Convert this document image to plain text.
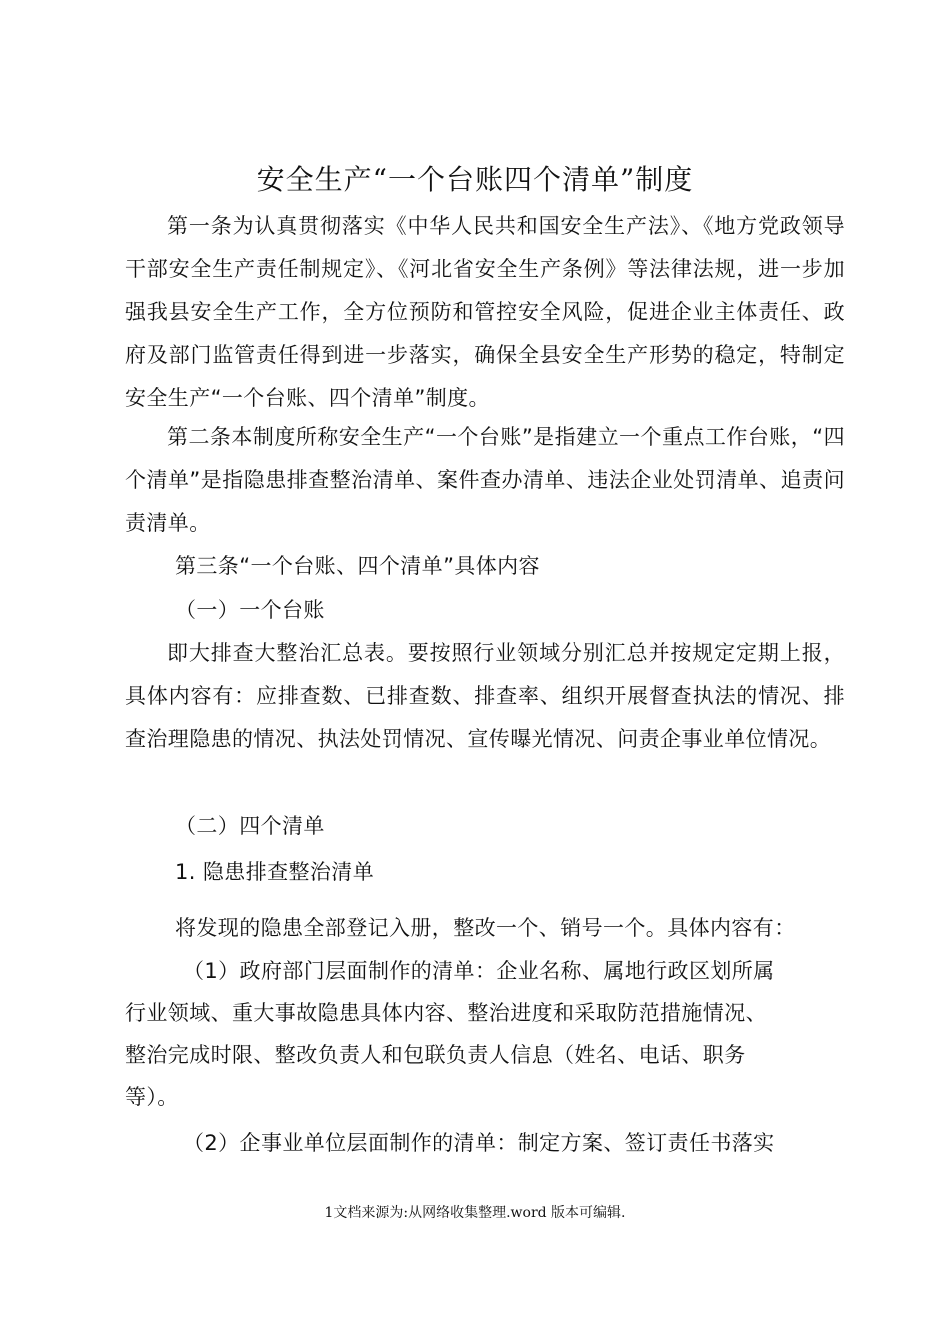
安全生产“一个台账四个清单”制度

第一条为认真贯彻落实《中华人民共和国安全生产法》、《地方党政领导干部安全生产责任制规定》、《河北省安全生产条例》等法律法规，进一步加强我县安全生产工作，全方位预防和管控安全风险，促进企业主体责任、政府及部门监管责任得到进一步落实，确保全县安全生产形势的稳定，特制定安全生产“一个台账、四个清单”制度。

第二条本制度所称安全生产“一个台账”是指建立一个重点工作台账，“四个清单”是指隐患排查整治清单、案件查办清单、违法企业处罚清单、追责问责清单。

第三条“一个台账、四个清单”具体内容
（一）一个台账

即大排查大整治汇总表。要按照行业领域分别汇总并按规定定期上报，具体内容有：应排查数、已排查数、排查率、组织开展督查执法的情况、排查治理隐患的情况、执法处罚情况、宣传曝光情况、问责企事业单位情况。

（二）四个清单
1. 隐患排查整治清单
将发现的隐患全部登记入册，整改一个、销号一个。具体内容有：
（1）政府部门层面制作的清单：企业名称、属地行政区划所属
行业领域、重大事故隐患具体内容、整治进度和采取防范措施情况、
整治完成时限、整改负责人和包联负责人信息（姓名、电话、职务
等）。
（2）企事业单位层面制作的清单：制定方案、签订责任书落实
1文档来源为:从网络收集整理.word 版本可编辑.
